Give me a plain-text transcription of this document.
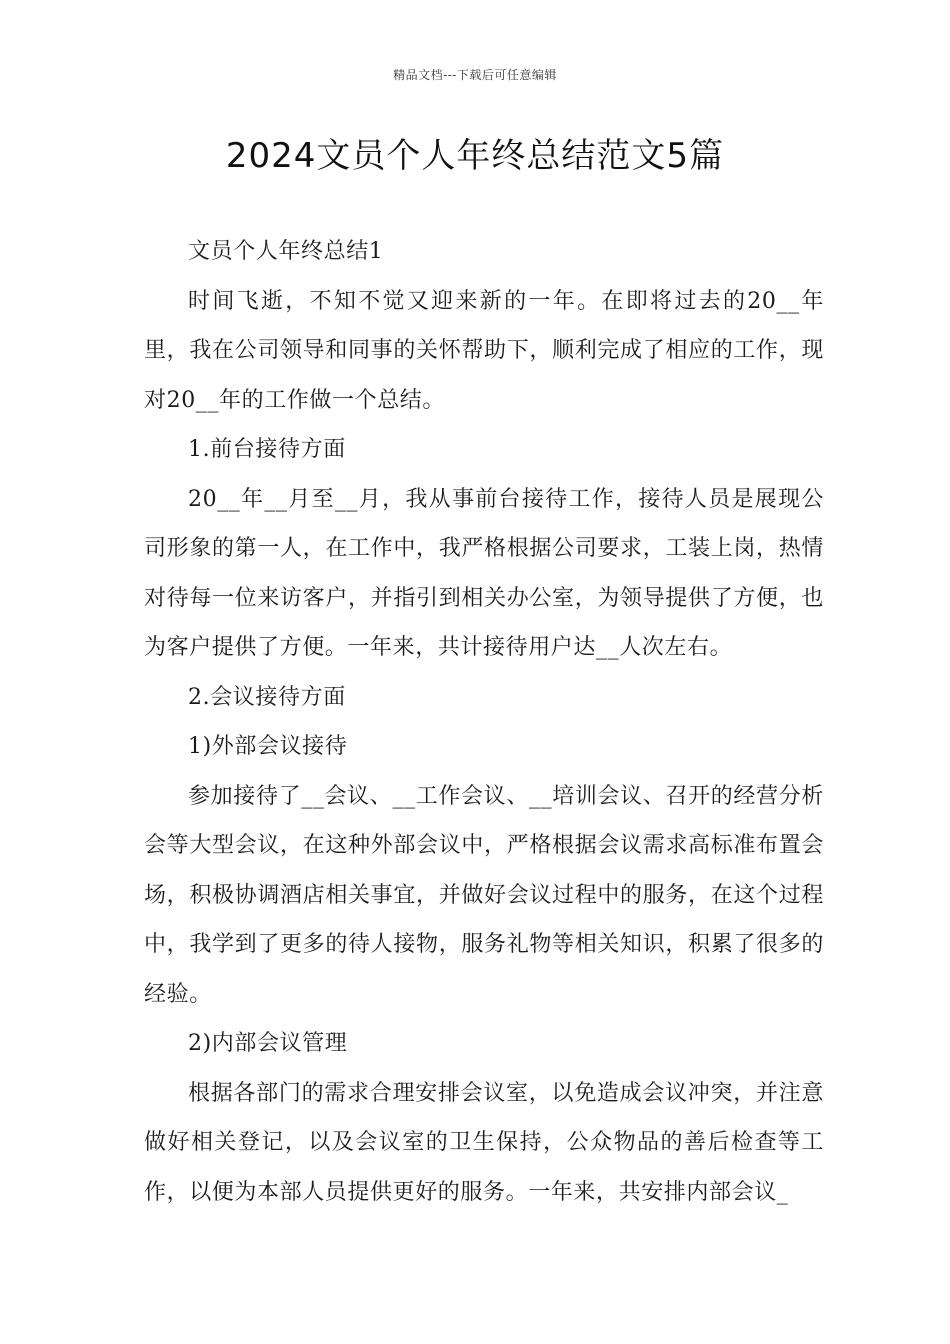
精品文档---下载后可任意编辑
2024文员个人年终总结范文5篇

文员个人年终总结1

时间飞逝，不知不觉又迎来新的一年。在即将过去的20__年里，我在公司领导和同事的关怀帮助下，顺利完成了相应的工作，现对20__年的工作做一个总结。

1.前台接待方面

20__年__月至__月，我从事前台接待工作，接待人员是展现公司形象的第一人，在工作中，我严格根据公司要求，工装上岗，热情对待每一位来访客户，并指引到相关办公室，为领导提供了方便，也为客户提供了方便。一年来，共计接待用户达__人次左右。

2.会议接待方面

1)外部会议接待

参加接待了__会议、__工作会议、__培训会议、召开的经营分析会等大型会议，在这种外部会议中，严格根据会议需求高标准布置会场，积极协调酒店相关事宜，并做好会议过程中的服务，在这个过程中，我学到了更多的待人接物，服务礼物等相关知识，积累了很多的经验。

2)内部会议管理

根据各部门的需求合理安排会议室，以免造成会议冲突，并注意做好相关登记，以及会议室的卫生保持，公众物品的善后检查等工作，以便为本部人员提供更好的服务。一年来，共安排内部会议_
